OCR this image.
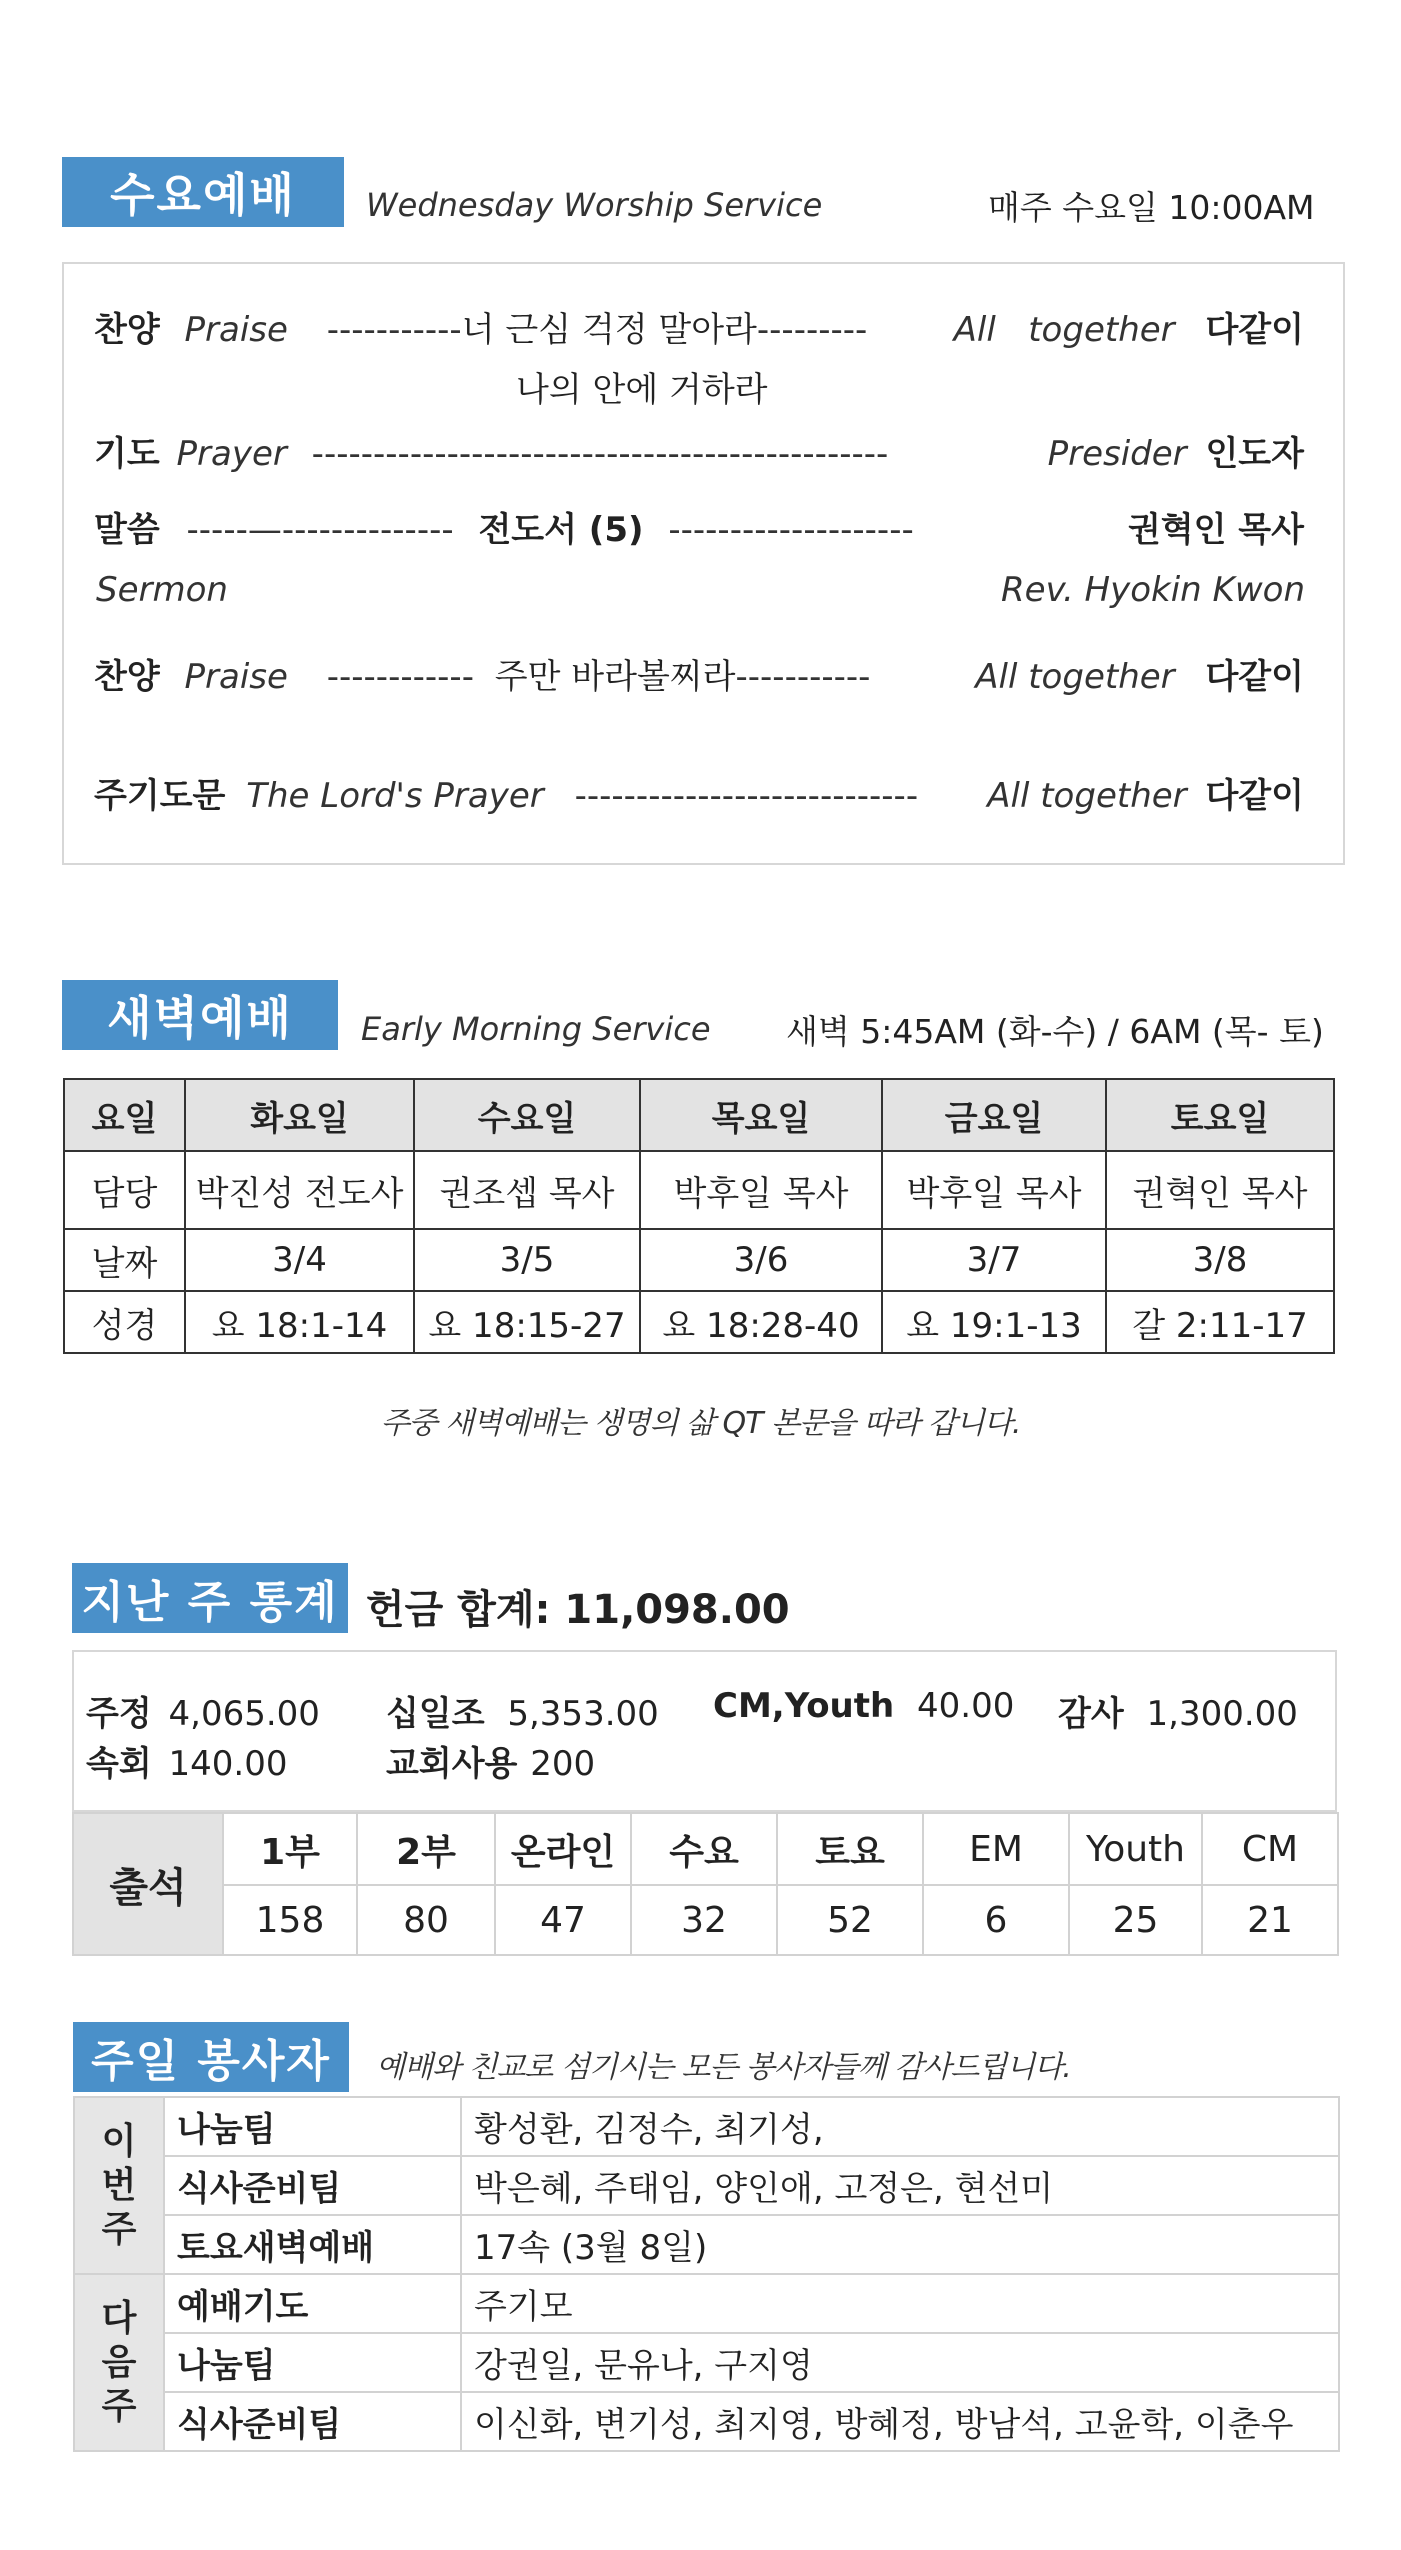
수요예배	Wednesday Worship Service	매주 수요일 10:00AM
찬양 Praise -----------너 근심 걱정 말아라---------	All   together 다같이
나의 안에 거하라
기도 Prayer -----------------------------------------------	Presider 인도자
말씀 -----—-------------- 전도서 (5) --------------------	권혁인 목사
Sermon	Rev. Hyokin Kwon
찬양 Praise ------------ 주만 바라볼찌라-----------	All together 다같이
주기도문 The Lord's Prayer ---------------------------- All together 다같이
새벽예배	Early Morning Service 새벽 5:45AM (화-수) / 6AM (목- 토)
요일	화요일	수요일	목요일	금요일	토요일
담당	박진성 전도사	권조셉 목사	박후일 목사	박후일 목사	권혁인 목사
날짜	3/4	3/5	3/6	3/7	3/8
성경	요 18:1-14	요 18:15-27	요 18:28-40	요 19:1-13	갈 2:11-17
주중 새벽예배는 생명의 삶 QT 본문을 따라 갑니다.
지난 주 통계 헌금 합계: 11,098.00
주정 4,065.00 십일조 5,353.00 CM,Youth 40.00 감사 1,300.00
속회 140.00	교회사용 200
출석	1부	2부	온라인	수요	토요	EM	Youth	CM
	158	80	47	32	52	6	25	21
주일 봉사자	예배와 친교로 섬기시는 모든 봉사자들께 감사드립니다.
이
번
주	나눔팀	황성환, 김정수, 최기성,
	식사준비팀	박은혜, 주태임, 양인애, 고정은, 현선미
	토요새벽예배	17속 (3월 8일)
다
음
주	예배기도	주기모
	나눔팀	강권일, 문유나, 구지영
	식사준비팀	이신화, 변기성, 최지영, 방혜정, 방남석, 고윤학, 이춘우
